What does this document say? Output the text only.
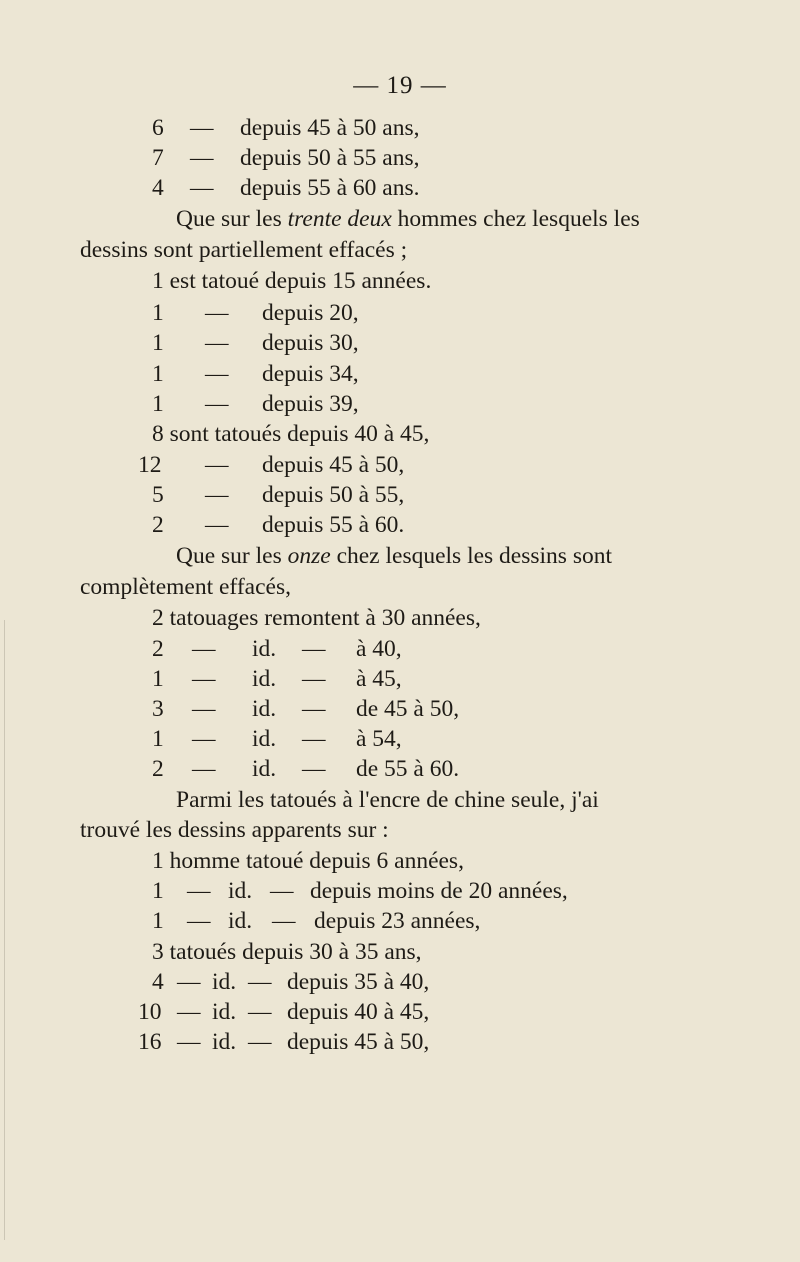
— 19 —
6 — depuis 45 à 50 ans,
7 — depuis 50 à 55 ans,
4 — depuis 55 à 60 ans.
Que sur les trente deux hommes chez lesquels les
dessins sont partiellement effacés ;
1 est tatoué depuis 15 années.
1 — depuis 20,
1 — depuis 30,
1 — depuis 34,
1 — depuis 39,
8 sont tatoués depuis 40 à 45,
12 — depuis 45 à 50,
5 — depuis 50 à 55,
2 — depuis 55 à 60.
Que sur les onze chez lesquels les dessins sont
complètement effacés,
2 tatouages remontent à 30 années,
2 — id. — à 40,
1 — id. — à 45,
3 — id. — de 45 à 50,
1 — id. — à 54,
2 — id. — de 55 à 60.
Parmi les tatoués à l'encre de chine seule, j'ai
trouvé les dessins apparents sur :
1 homme tatoué depuis 6 années,
1 — id. — depuis moins de 20 années,
1 — id. — depuis 23 années,
3 tatoués depuis 30 à 35 ans,
4 — id. — depuis 35 à 40,
10 — id. — depuis 40 à 45,
16 — id. — depuis 45 à 50,
